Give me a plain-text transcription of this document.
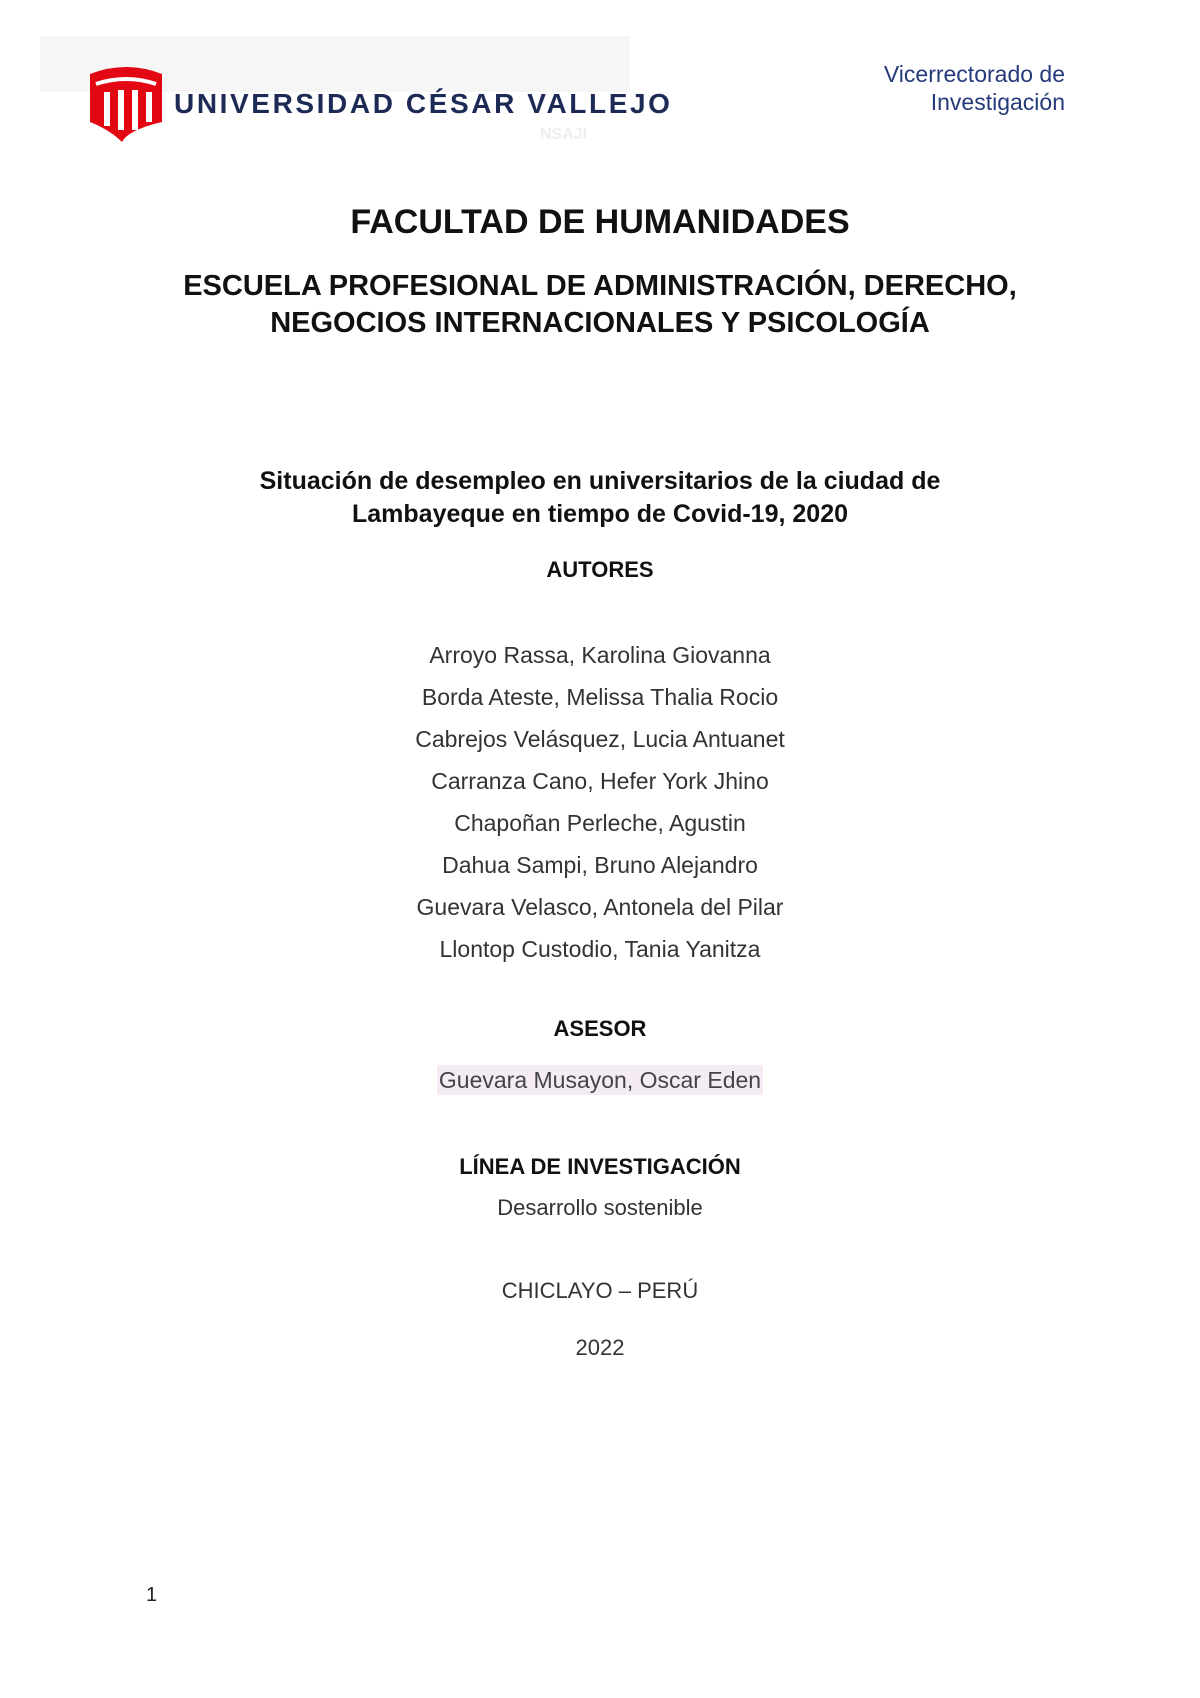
UNIVERSIDAD CÉSAR VALLEJO
NSAJI
Vicerrectorado de
Investigación
FACULTAD DE HUMANIDADES
ESCUELA PROFESIONAL DE ADMINISTRACIÓN, DERECHO, NEGOCIOS INTERNACIONALES Y PSICOLOGÍA
Situación de desempleo en universitarios de la ciudad de Lambayeque en tiempo de Covid-19, 2020
AUTORES
Arroyo Rassa, Karolina Giovanna
Borda Ateste, Melissa Thalia Rocio
Cabrejos Velásquez, Lucia Antuanet
Carranza Cano, Hefer York Jhino
Chapoñan Perleche, Agustin
Dahua Sampi, Bruno Alejandro
Guevara Velasco, Antonela del Pilar
Llontop Custodio, Tania Yanitza
ASESOR
Guevara Musayon, Oscar Eden
LÍNEA DE INVESTIGACIÓN
Desarrollo sostenible
CHICLAYO – PERÚ
2022
1
